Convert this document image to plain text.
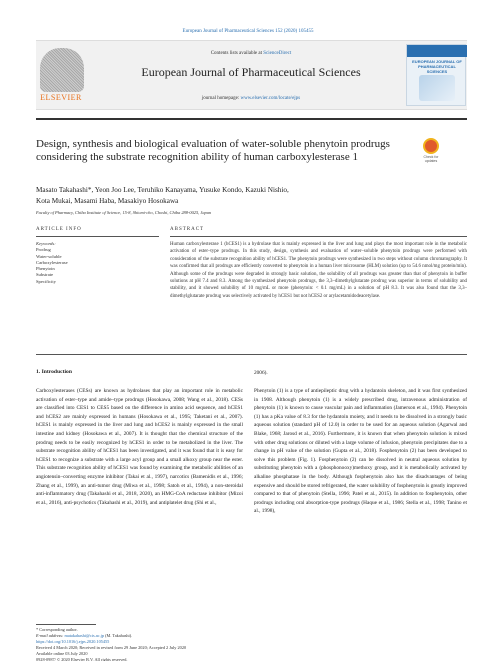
European Journal of Pharmaceutical Sciences 152 (2020) 105455
ELSEVIER
Contents lists available at ScienceDirect
European Journal of Pharmaceutical Sciences
journal homepage: www.elsevier.com/locate/ejps
EUROPEAN JOURNAL OF PHARMACEUTICAL SCIENCES
Design, synthesis and biological evaluation of water-soluble phenytoin prodrugs considering the substrate recognition ability of human carboxylesterase 1	Check for updates
Masato Takahashi*, Yeon Joo Lee, Teruhiko Kanayama, Yusuke Kondo, Kazuki Nishio,
Kota Mukai, Masami Haba, Masakiyo Hosokawa
Faculty of Pharmacy, Chiba Institute of Science, 15-8, Shiomi-cho, Choshi, Chiba 288-0025, Japan
ARTICLE INFO	ABSTRACT
Keywords:
Prodrug
Water-soluble
Carboxylesterase
Phenytoin
Substrate
Specificity
Human carboxylesterase 1 (hCES1) is a hydrolase that is mainly expressed in the liver and lung and plays the most important role in the metabolic activation of ester–type prodrugs. In this study, design, synthesis and evaluation of water–soluble phenytoin prodrugs were performed with consideration of the substrate recognition ability of hCES1. The phenytoin prodrugs were synthesized in two steps without column chromatography. It was confirmed that all prodrugs are efficiently converted to phenytoin in a human liver microsome (HLM) solution (up to 54.6 nmol/mg protein/min). Although some of the prodrugs were degraded in strongly basic solution, the solubility of all prodrugs was greater than that of phenytoin in buffer solutions at pH 7.4 and 8.3. Among the synthesized phenytoin prodrugs, the 3,3–dimethylglutarate prodrug was superior in terms of solubility and stability, and it showed solubility of 10 mg/mL or more (phenytoin: < 0.1 mg/mL) in a solution of pH 8.3. It was also found that the 3,3–dimethylglutarate prodrug was selectively activated by hCES1 but not hCES2 or arylacetamidodeacetylase.
1. Introduction
Carboxylesterases (CESs) are known as hydrolases that play an important role in metabolic activation of ester–type and amide–type prodrugs (Hosokawa, 2008; Wang et al., 2018). CESs are classified into CES1 to CES5 based on the difference in amino acid sequence, and hCES1 and hCES2 are mainly expressed in humans (Hosokawa et al., 1995; Taketani et al., 2007). hCES1 is mainly expressed in the liver and lung and hCES2 is mainly expressed in the small intestine and kidney (Hosokawa et al., 2007). It is thought that the chemical structure of the prodrug needs to be easily recognized by hCES1 in order to be metabolized in the liver. The substrate recognition ability of hCES1 has been investigated, and it was found that it is easy for hCES1 to recognize a substrate with a large acyl group and a small alkoxy group near the ester. This substrate recognition ability of hCES1 was found by examining the metabolic abilities of an angiotensin–converting enzyme inhibitor (Takai et al., 1997), narcotics (Bamenidis et al., 1996; Zhang et al., 1999), an anti-tumor drug (Miwa et al., 1998; Satoh et al., 1994), a non-steroidal anti-inflammatory drug (Takahashi et al., 2018, 2020), an HMG-CoA reductase inhibitor (Mizoi et al., 2016), anti-psychotics (Takahashi et al., 2019), and antiplatelet drug (Shi et al.,
2006).
Phenytoin (1) is a type of antiepileptic drug with a hydantoin skeleton, and it was first synthesized in 1908. Although phenytoin (1) is a widely prescribed drug, intravenous administration of phenytoin (1) is known to cause vascular pain and inflammation (Jamerson et al., 1994). Phenytoin (1) has a pKa value of 8.3 for the hydantoin moiety, and it needs to be dissolved in a strongly basic aqueous solution (standard pH of 12.0) in order to be used for an aqueous solution (Agarwal and Blake, 1968; Jarosd et al., 2016). Furthermore, it is known that when phenytoin solution is mixed with other drug solutions or diluted with a large volume of infusion, phenytoin precipitates due to a change in pH value of the solution (Gupta et al., 2018). Fosphenytoin (2) has been developed to solve this problem (Fig. 1). Fosphenytoin (2) can be dissolved in neutral aqueous solution by substituting phenytoin with a (phosphonooxy)methoxy group, and it is metabolically activated by alkaline phosphatase in the body. Although fosphenytoin also has the disadvantages of being expensive and should be stored refrigerated, the water solubility of fosphenytoin is greatly improved compared to that of phenytoin (Stella, 1996; Patel et al., 2015). In addition to fosphenytoin, other prodrugs including oral absorption-type prodrugs (Haque et al., 1986; Stella et al., 1998; Tanino et al., 1998),
* Corresponding author.
E-mail address: matakahashi@cis.ac.jp (M. Takahashi).
https://doi.org/10.1016/j.ejps.2020.105455
Received 4 March 2020; Received in revised form 29 June 2020; Accepted 2 July 2020
Available online 03 July 2020
0928-0987/ © 2020 Elsevier B.V. All rights reserved.
